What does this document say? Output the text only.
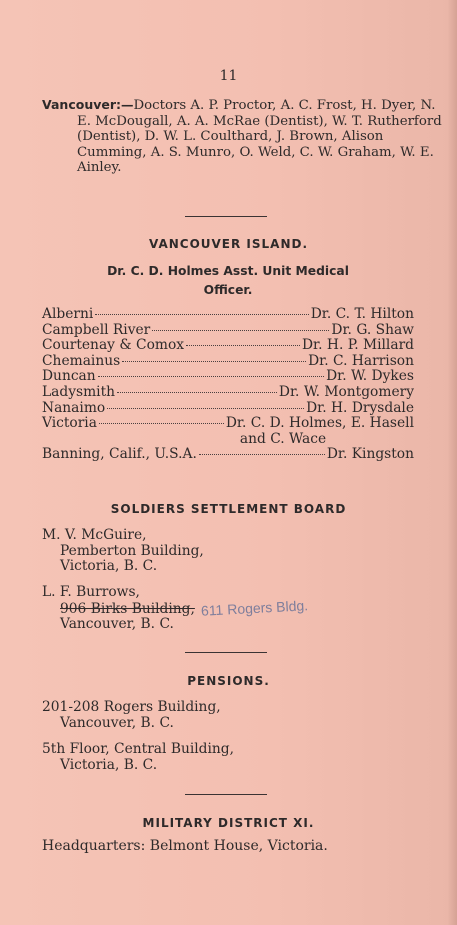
11
Vancouver:—Doctors A. P. Proctor, A. C. Frost, H. Dyer, N. E. McDougall, A. A. McRae (Dentist), W. T. Rutherford (Dentist), D. W. L. Coulthard, J. Brown, Alison Cumming, A. S. Munro, O. Weld, C. W. Graham, W. E. Ainley.
VANCOUVER ISLAND.
Dr. C. D. Holmes Asst. Unit Medical
Officer.
Alberni	Dr. C. T. Hilton
Campbell River	Dr. G. Shaw
Courtenay & Comox	Dr. H. P. Millard
Chemainus	Dr. C. Harrison
Duncan	Dr. W. Dykes
Ladysmith	Dr. W. Montgomery
Nanaimo	Dr. H. Drysdale
Victoria	Dr. C. D. Holmes, E. Hasell
and C. Wace
Banning, Calif., U.S.A.	Dr. Kingston
SOLDIERS SETTLEMENT BOARD
M. V. McGuire,
Pemberton Building,
Victoria, B. C.
L. F. Burrows,
906 Birks Building, 611 Rogers Bldg.
Vancouver, B. C.
PENSIONS.
201-208 Rogers Building,
Vancouver, B. C.
5th Floor, Central Building,
Victoria, B. C.
MILITARY DISTRICT XI.
Headquarters: Belmont House, Victoria.
